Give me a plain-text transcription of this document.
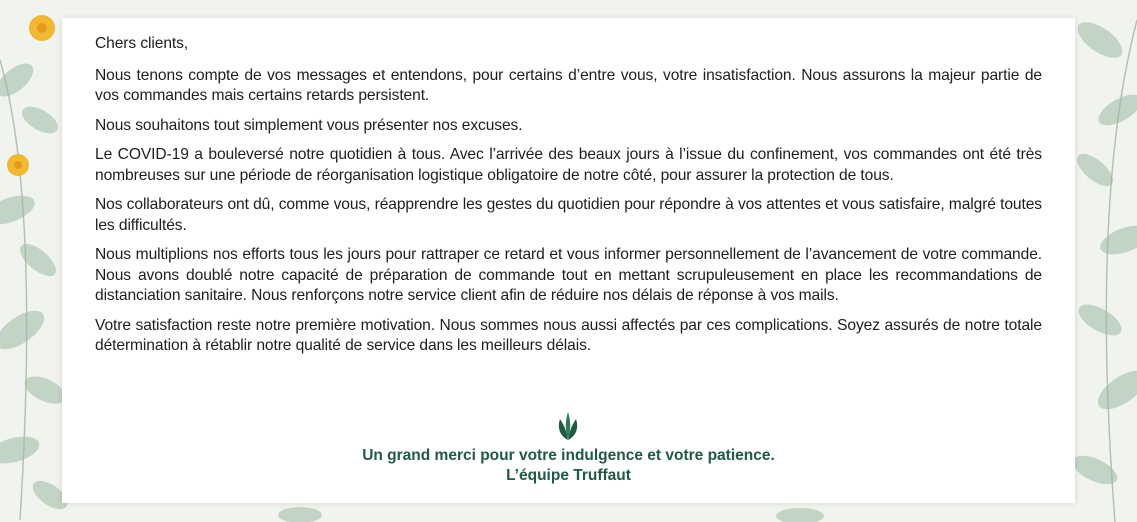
Chers clients,

Nous tenons compte de vos messages et entendons, pour certains d’entre vous, votre insatisfaction. Nous assurons la majeur partie de vos commandes mais certains retards persistent.

Nous souhaitons tout simplement vous présenter nos excuses.

Le COVID-19 a bouleversé notre quotidien à tous. Avec l’arrivée des beaux jours à l’issue du confinement, vos commandes ont été très nombreuses sur une période de réorganisation logistique obligatoire de notre côté, pour assurer la protection de tous.

Nos collaborateurs ont dû, comme vous, réapprendre les gestes du quotidien pour répondre à vos attentes et vous satisfaire, malgré toutes les difficultés.

Nous multiplions nos efforts tous les jours pour rattraper ce retard et vous informer personnellement de l’avancement de votre commande. Nous avons doublé notre capacité de préparation de commande tout en mettant scrupuleusement en place les recommandations de distanciation sanitaire. Nous renforçons notre service client afin de réduire nos délais de réponse à vos mails.

Votre satisfaction reste notre première motivation. Nous sommes nous aussi affectés par ces complications. Soyez assurés de notre totale détermination à rétablir notre qualité de service dans les meilleurs délais.

Un grand merci pour votre indulgence et votre patience.
L’équipe Truffaut
